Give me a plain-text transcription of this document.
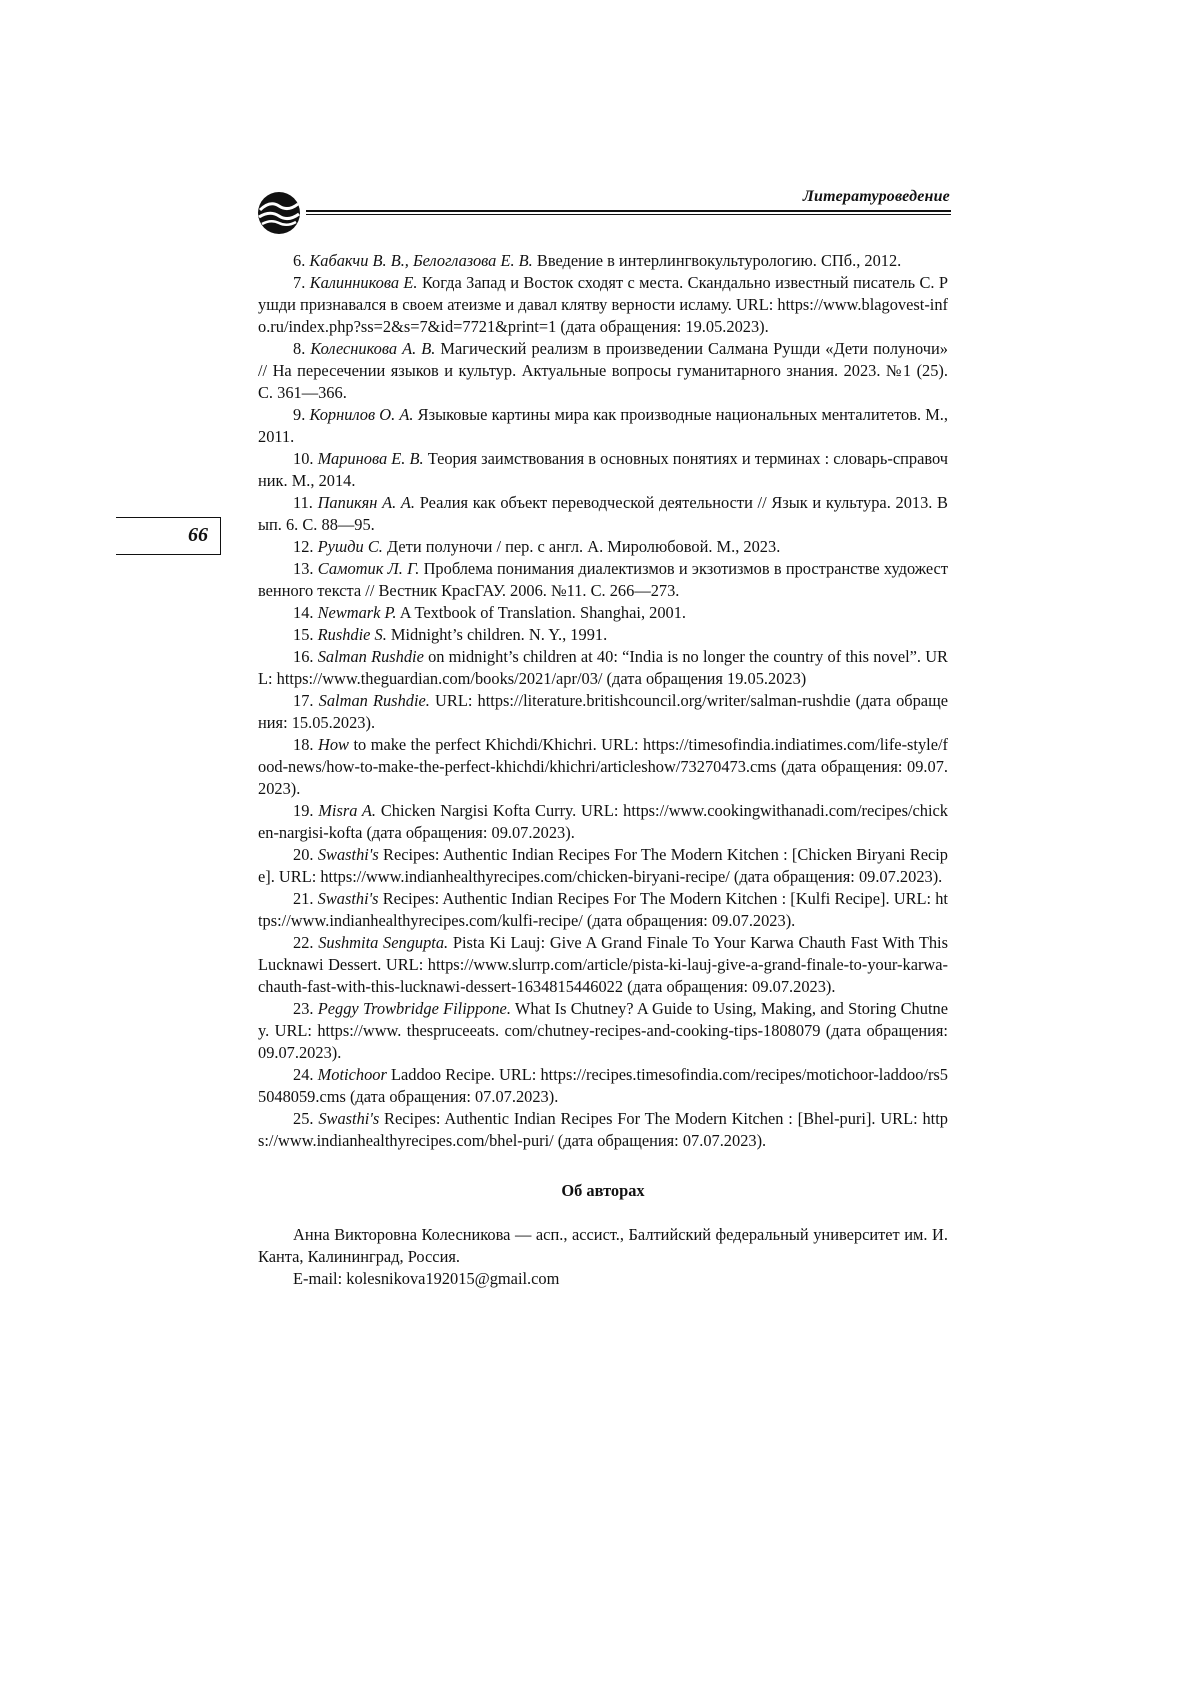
Литературоведение
66

6. Кабакчи В. В., Белоглазова Е. В. Введение в интерлингвокультурологию. СПб., 2012.

7. Калинникова Е. Когда Запад и Восток сходят с места. Скандально известный писатель С. Рушди признавался в своем атеизме и давал клятву верности исламу. URL: https://www.blagovest-info.ru/index.php?ss=2&s=7&id=7721&print=1 (дата обращения: 19.05.2023).

8. Колесникова А. В. Магический реализм в произведении Салмана Рушди «Дети полуночи» // На пересечении языков и культур. Актуальные вопросы гуманитарного знания. 2023. №1 (25). С. 361—366.

9. Корнилов О. А. Языковые картины мира как производные национальных менталитетов. М., 2011.

10. Маринова Е. В. Теория заимствования в основных понятиях и терминах : словарь-справочник. М., 2014.

11. Папикян А. А. Реалия как объект переводческой деятельности // Язык и культура. 2013. Вып. 6. С. 88—95.

12. Рушди С. Дети полуночи / пер. с англ. А. Миролюбовой. М., 2023.

13. Самотик Л. Г. Проблема понимания диалектизмов и экзотизмов в пространстве художественного текста // Вестник КрасГАУ. 2006. №11. С. 266—273.

14. Newmark P. A Textbook of Translation. Shanghai, 2001.

15. Rushdie S. Midnight’s children. N. Y., 1991.

16. Salman Rushdie on midnight’s children at 40: “India is no longer the country of this novel”. URL: https://www.theguardian.com/books/2021/apr/03/ (дата обращения 19.05.2023)

17. Salman Rushdie. URL: https://literature.britishcouncil.org/writer/salman-rushdie (дата обращения: 15.05.2023).

18. How to make the perfect Khichdi/Khichri. URL: https://timesofindia.indiatimes.com/life-style/food-news/how-to-make-the-perfect-khichdi/khichri/articleshow/73270473.cms (дата обращения: 09.07.2023).

19. Misra A. Chicken Nargisi Kofta Curry. URL: https://www.cookingwithanadi.com/recipes/chicken-nargisi-kofta (дата обращения: 09.07.2023).

20. Swasthi's Recipes: Authentic Indian Recipes For The Modern Kitchen : [Chicken Biryani Recipe]. URL: https://www.indianhealthyrecipes.com/chicken-biryani-recipe/ (дата обращения: 09.07.2023).

21. Swasthi's Recipes: Authentic Indian Recipes For The Modern Kitchen : [Kulfi Recipe]. URL: https://www.indianhealthyrecipes.com/kulfi-recipe/ (дата обращения: 09.07.2023).

22. Sushmita Sengupta. Pista Ki Lauj: Give A Grand Finale To Your Karwa Chauth Fast With This Lucknawi Dessert. URL: https://www.slurrp.com/article/pista-ki-lauj-give-a-grand-finale-to-your-karwa-chauth-fast-with-this-lucknawi-dessert-1634815446022 (дата обращения: 09.07.2023).

23. Peggy Trowbridge Filippone. What Is Chutney? A Guide to Using, Making, and Storing Chutney. URL: https://www. thespruceeats. com/chutney-recipes-and-cooking-tips-1808079 (дата обращения: 09.07.2023).

24. Motichoor Laddoo Recipe. URL: https://recipes.timesofindia.com/recipes/motichoor-laddoo/rs55048059.cms (дата обращения: 07.07.2023).

25. Swasthi's Recipes: Authentic Indian Recipes For The Modern Kitchen : [Bhel-puri]. URL: https://www.indianhealthyrecipes.com/bhel-puri/ (дата обращения: 07.07.2023).

Об авторах

Анна Викторовна Колесникова — асп., ассист., Балтийский федеральный университет им. И. Канта, Калининград, Россия.

E-mail: kolesnikova192015@gmail.com
